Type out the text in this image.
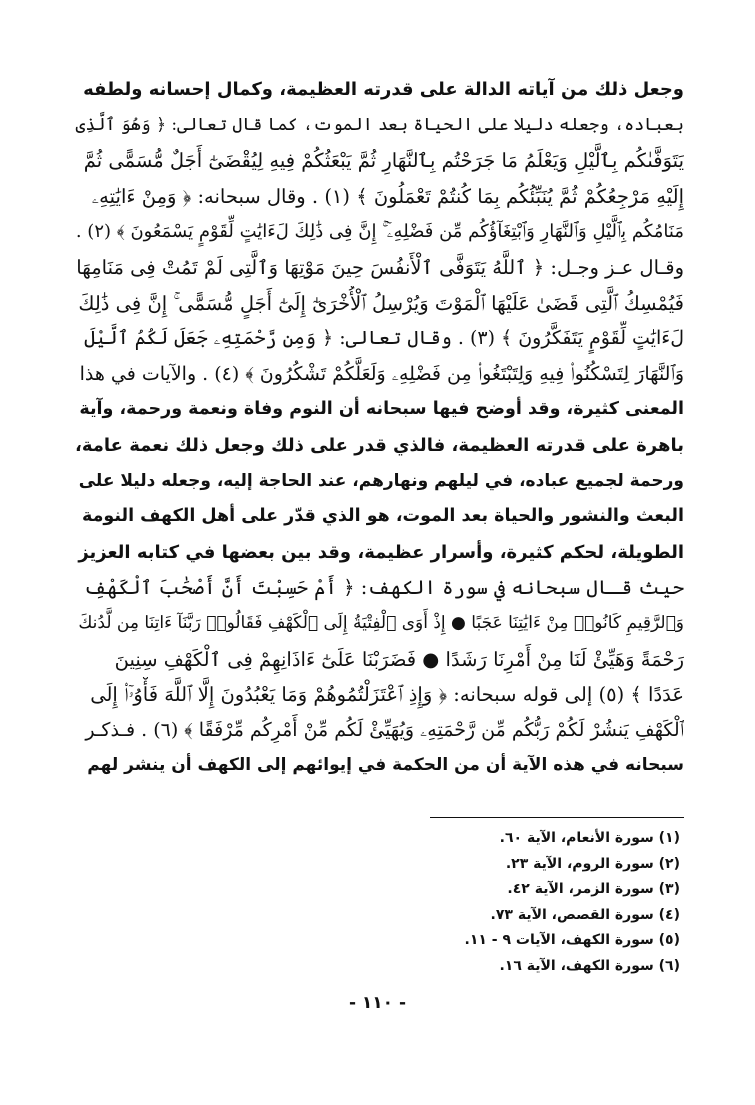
وجعل ذلك من آياته الدالة على قدرته العظيمة، وكمال إحسانه ولطفه
بعباده، وجعله دليلا على الحياة بعد الموت، كما قال تعالى: ﴿ وَهُوَ ٱلَّذِى
يَتَوَفَّىٰكُم بِٱلَّيْلِ وَيَعْلَمُ مَا جَرَحْتُم بِٱلنَّهَارِ ثُمَّ يَبْعَثُكُمْ فِيهِ لِيُقْضَىٰٓ أَجَلٌ مُّسَمًّى ثُمَّ
إِلَيْهِ مَرْجِعُكُمْ ثُمَّ يُنَبِّئُكُم بِمَا كُنتُمْ تَعْمَلُونَ ﴾ (١) . وقال سبحانه: ﴿ وَمِنْ ءَايَٰتِهِۦ
مَنَامُكُم بِٱلَّيْلِ وَٱلنَّهَارِ وَٱبْتِغَآؤُكُم مِّن فَضْلِهِۦٓ ۚ إِنَّ فِى ذَٰلِكَ لَءَايَٰتٍ لِّقَوْمٍ يَسْمَعُونَ ﴾ (٢) .
وقـال عـز وجـل: ﴿ ٱللَّهُ يَتَوَفَّى ٱلْأَنفُسَ حِينَ مَوْتِهَا وَٱلَّتِى لَمْ تَمُتْ فِى مَنَامِهَا
فَيُمْسِكُ ٱلَّتِى قَضَىٰ عَلَيْهَا ٱلْمَوْتَ وَيُرْسِلُ ٱلْأُخْرَىٰٓ إِلَىٰٓ أَجَلٍ مُّسَمًّى ۚ إِنَّ فِى ذَٰلِكَ
لَءَايَٰتٍ لِّقَوْمٍ يَتَفَكَّرُونَ ﴾ (٣) . وقال تعالى: ﴿ وَمِن رَّحْمَتِهِۦ جَعَلَ لَكُمُ ٱلَّيْلَ
وَٱلنَّهَارَ لِتَسْكُنُوا۟ فِيهِ وَلِتَبْتَغُوا۟ مِن فَضْلِهِۦ وَلَعَلَّكُمْ تَشْكُرُونَ ﴾ (٤) . والآيات في هذا
المعنى كثيرة، وقد أوضح فيها سبحانه أن النوم وفاة ونعمة ورحمة، وآية
باهرة على قدرته العظيمة، فالذي قدر على ذلك وجعل ذلك نعمة عامة،
ورحمة لجميع عباده، في ليلهم ونهارهم، عند الحاجة إليه، وجعله دليلا على
البعث والنشور والحياة بعد الموت، هو الذي قدّر على أهل الكهف النومة
الطويلة، لحكم كثيرة، وأسرار عظيمة، وقد بين بعضها في كتابه العزيز
حيث قـال سبحانه في سورة الكهف: ﴿ أَمْ حَسِبْتَ أَنَّ أَصْحَٰبَ ٱلْكَهْفِ
وَٱلرَّقِيمِ كَانُوا۟ مِنْ ءَايَٰتِنَا عَجَبًا ● إِذْ أَوَى ٱلْفِتْيَةُ إِلَى ٱلْكَهْفِ فَقَالُوا۟ رَبَّنَآ ءَاتِنَا مِن لَّدُنكَ
رَحْمَةً وَهَيِّئْ لَنَا مِنْ أَمْرِنَا رَشَدًا ● فَضَرَبْنَا عَلَىٰٓ ءَاذَانِهِمْ فِى ٱلْكَهْفِ سِنِينَ
عَدَدًا ﴾ (٥) إلى قوله سبحانه: ﴿ وَإِذِ ٱعْتَزَلْتُمُوهُمْ وَمَا يَعْبُدُونَ إِلَّا ٱللَّهَ فَأْوُۥٓا۟ إِلَى
ٱلْكَهْفِ يَنشُرْ لَكُمْ رَبُّكُم مِّن رَّحْمَتِهِۦ وَيُهَيِّئْ لَكُم مِّنْ أَمْرِكُم مِّرْفَقًا ﴾ (٦) . فـذكـر
سبحانه في هذه الآية أن من الحكمة في إيوائهم إلى الكهف أن ينشر لهم
(١) سورة الأنعام، الآية ٦٠.
(٢) سورة الروم، الآية ٢٣.
(٣) سورة الزمر، الآية ٤٢.
(٤) سورة القصص، الآية ٧٣.
(٥) سورة الكهف، الآيات ٩ - ١١.
(٦) سورة الكهف، الآية ١٦.
- ١١٠ -
